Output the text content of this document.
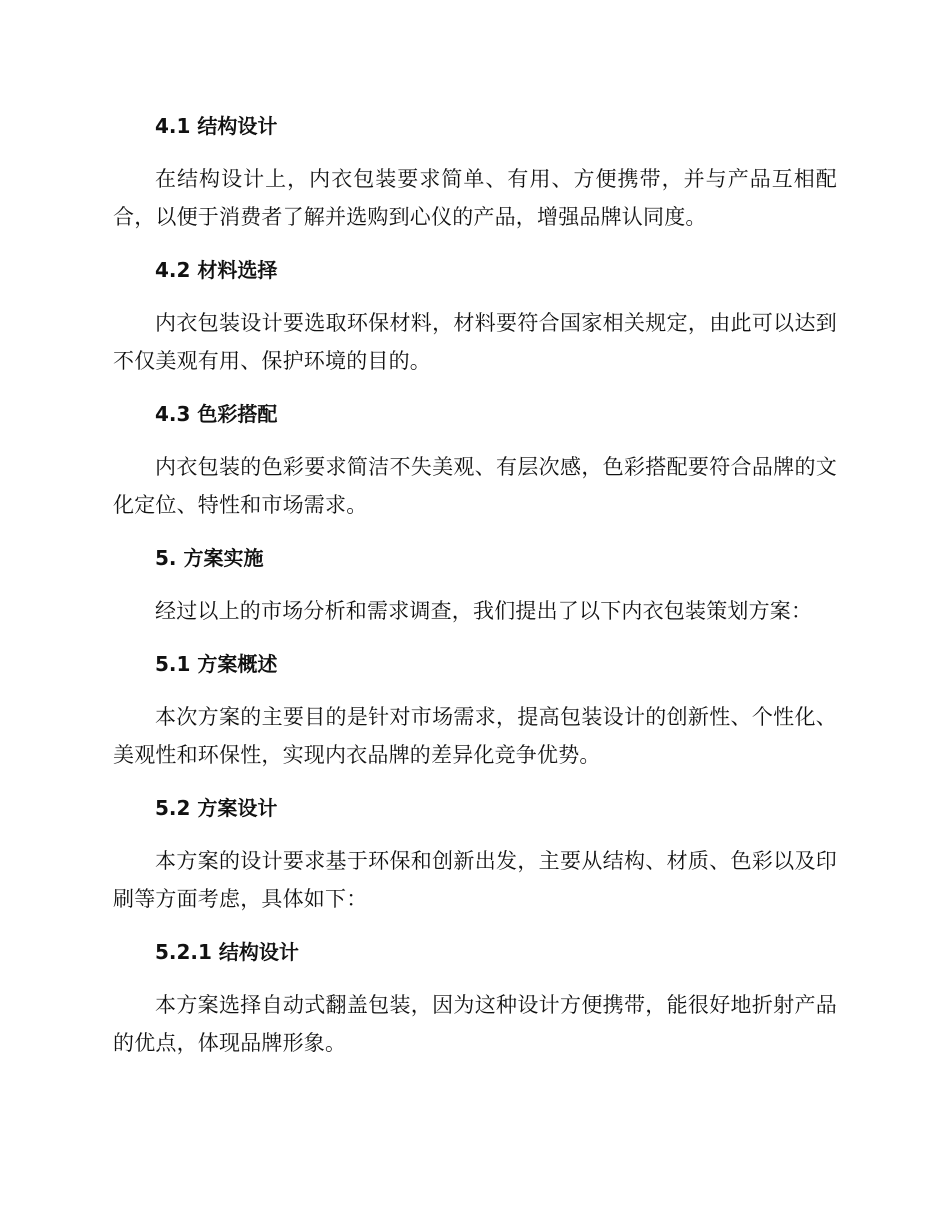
4.1 结构设计

在结构设计上，内衣包装要求简单、有用、方便携带，并与产品互相配合，以便于消费者了解并选购到心仪的产品，增强品牌认同度。

4.2 材料选择

内衣包装设计要选取环保材料，材料要符合国家相关规定，由此可以达到不仅美观有用、保护环境的目的。

4.3 色彩搭配

内衣包装的色彩要求简洁不失美观、有层次感，色彩搭配要符合品牌的文化定位、特性和市场需求。

5. 方案实施

经过以上的市场分析和需求调查，我们提出了以下内衣包装策划方案：

5.1 方案概述

本次方案的主要目的是针对市场需求，提高包装设计的创新性、个性化、美观性和环保性，实现内衣品牌的差异化竞争优势。

5.2 方案设计

本方案的设计要求基于环保和创新出发，主要从结构、材质、色彩以及印刷等方面考虑，具体如下：

5.2.1 结构设计

本方案选择自动式翻盖包装，因为这种设计方便携带，能很好地折射产品的优点，体现品牌形象。
